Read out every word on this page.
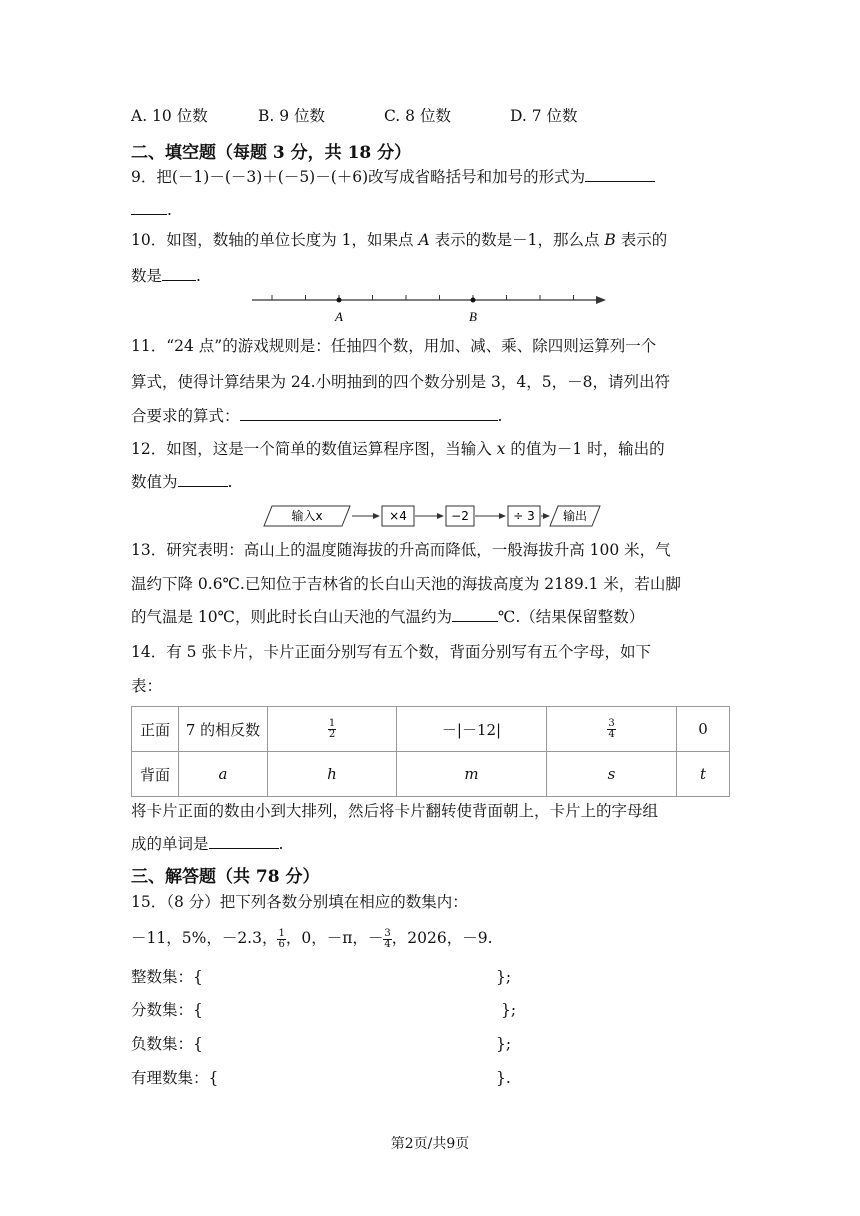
A. 10 位数	B. 9 位数	C. 8 位数	D. 7 位数
二、填空题（每题 3 分，共 18 分）
9．把(－1)－(－3)＋(－5)－(＋6)改写成省略括号和加号的形式为
.
10．如图，数轴的单位长度为 1，如果点 A 表示的数是－1，那么点 B 表示的
数是 .
A	B
11．“24 点”的游戏规则是：任抽四个数，用加、减、乘、除四则运算列一个
算式，使得计算结果为 24.小明抽到的四个数分别是 3，4，5，－8，请列出符
合要求的算式：	.
12．如图，这是一个简单的数值运算程序图，当输入 x 的值为－1 时，输出的
数值为	.
输入x	×4	−2	÷ 3 输出
13．研究表明：高山上的温度随海拔的升高而降低，一般海拔升高 100 米，气
温约下降 0.6℃.已知位于吉林省的长白山天池的海拔高度为 2189.1 米，若山脚
的气温是 10℃，则此时长白山天池的气温约为	℃.（结果保留整数）
14．有 5 张卡片，卡片正面分别写有五个数，背面分别写有五个字母，如下
表：
正面	7 的相反数	$\frac{1}{2}$	－|－12|	$\frac{3}{4}$	0
背面	a	h	m	s	t
将卡片正面的数由小到大排列，然后将卡片翻转使背面朝上，卡片上的字母组
成的单词是	.
三、解答题（共 78 分）
15．（8 分）把下列各数分别填在相应的数集内：
－11，5%，－2.3， $\frac{1}{6}$ ，0，－π，－ $\frac{3}{4}$ ，2026，－9.
整数集：{	};
分数集：{	};
负数集：{	};
有理数集：{	}.
第2页/共9页
